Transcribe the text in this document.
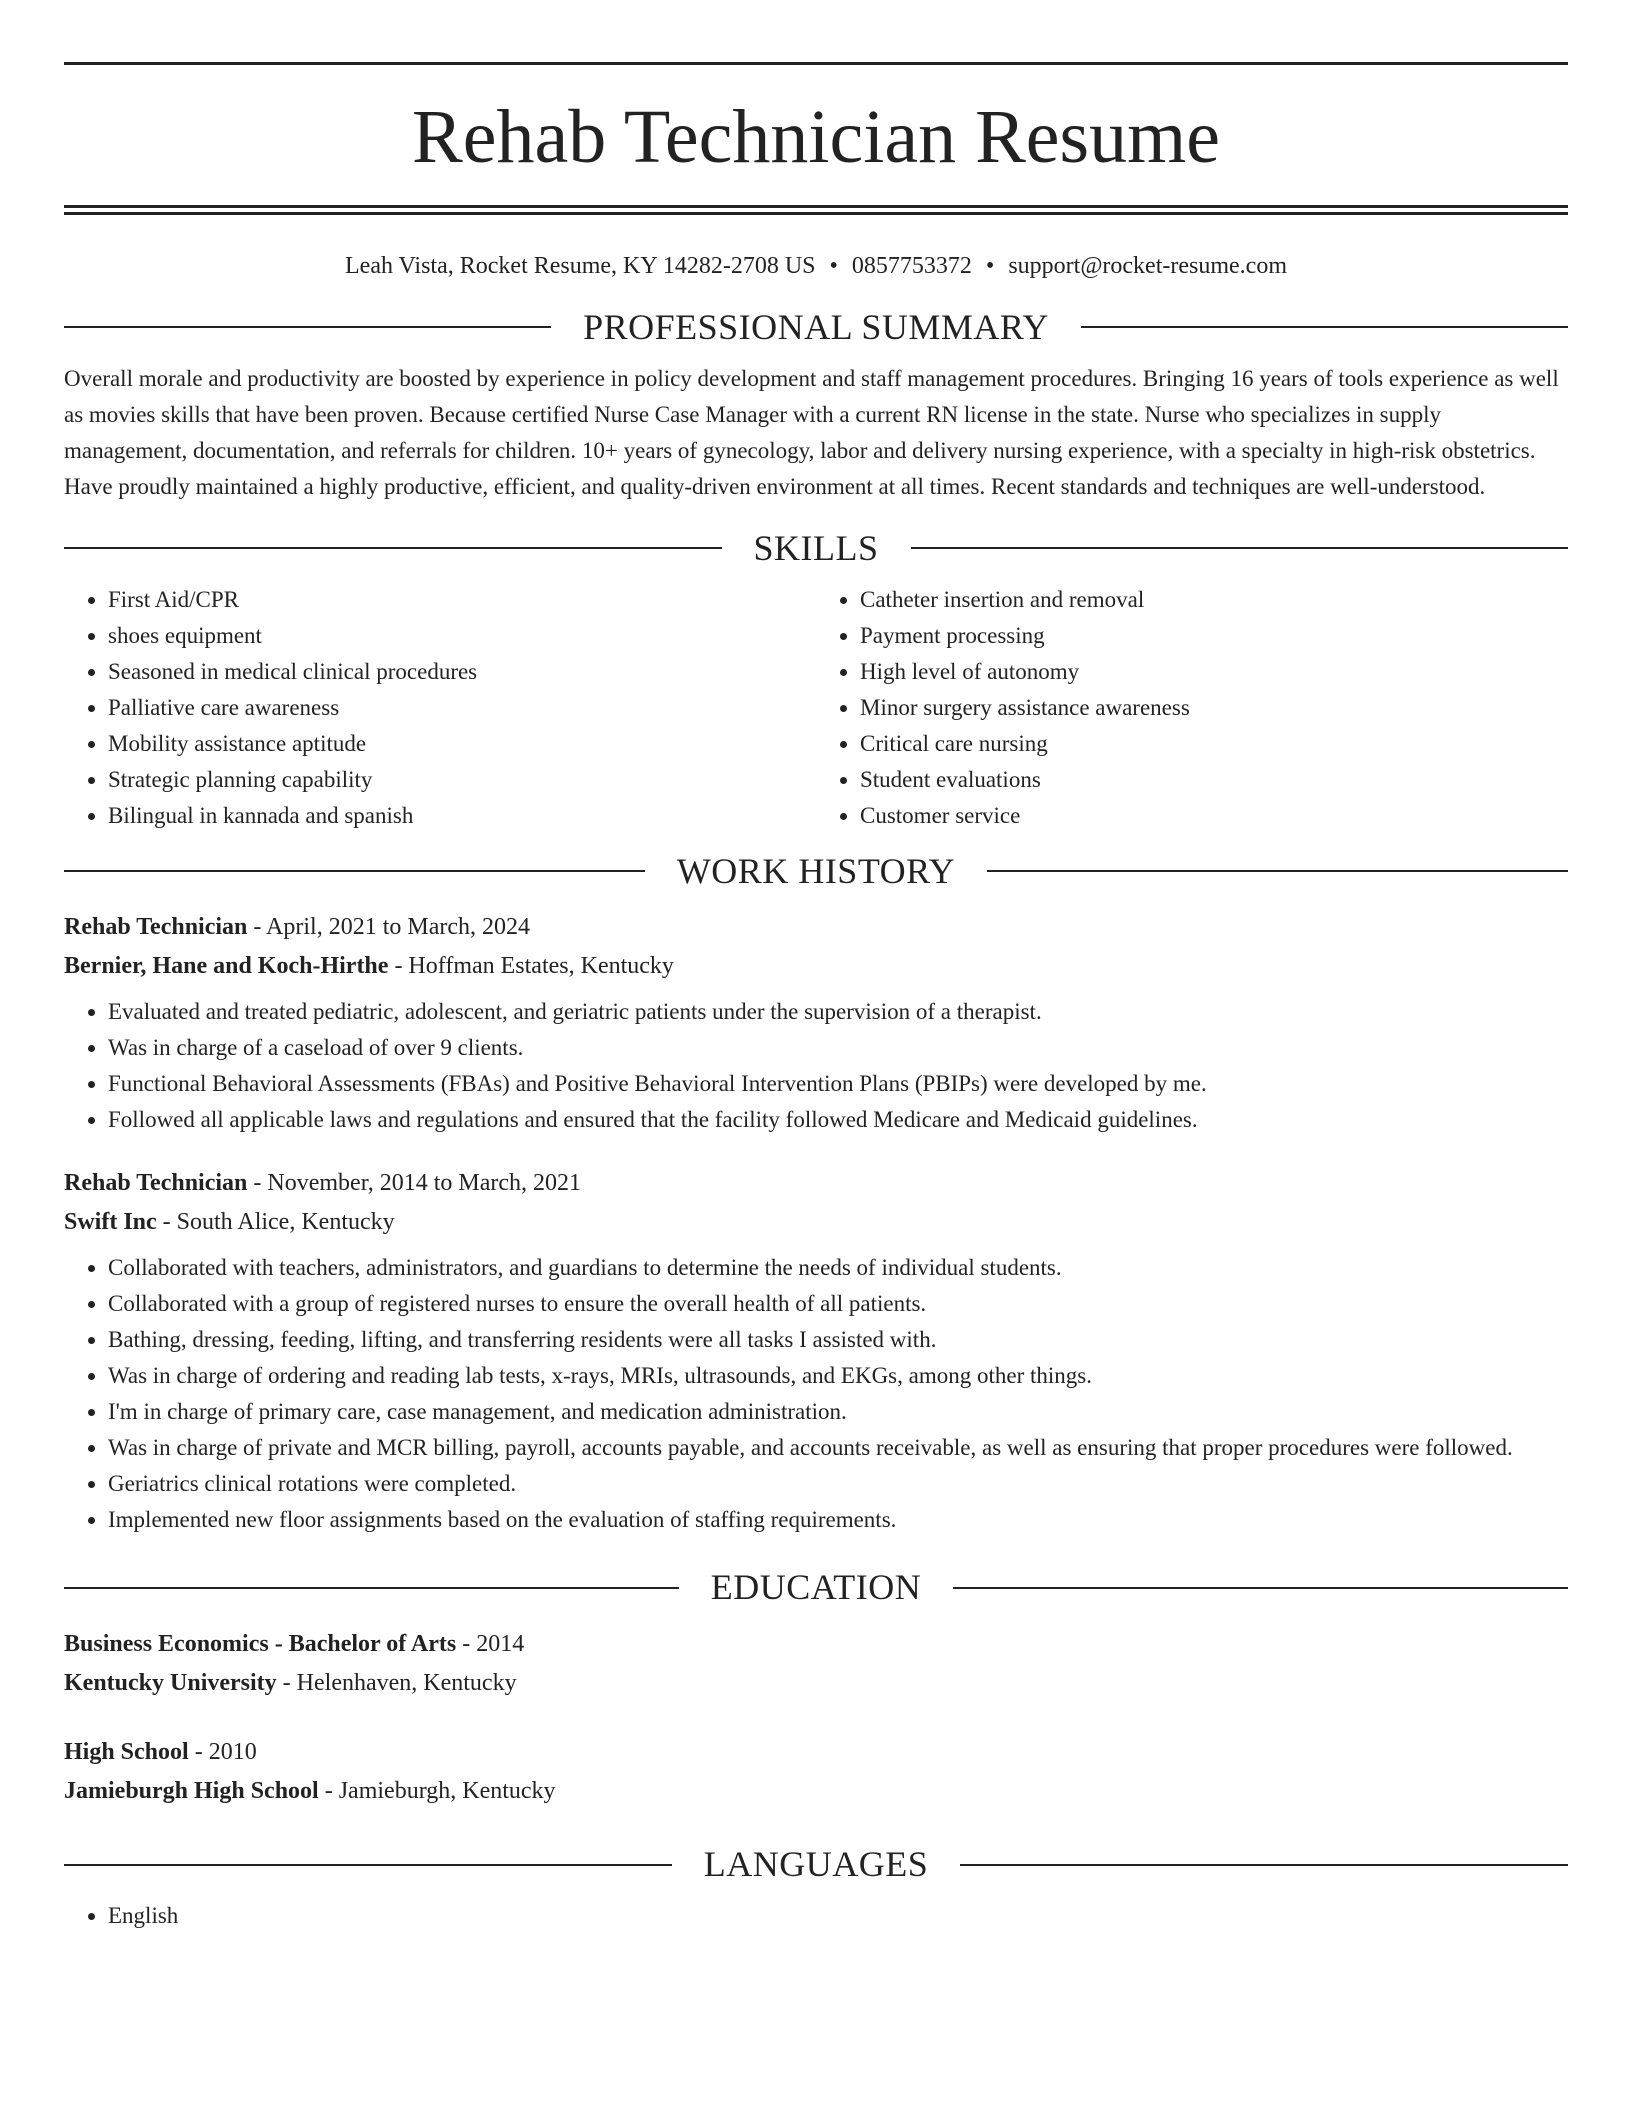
Rehab Technician Resume
Leah Vista, Rocket Resume, KY 14282-2708 US • 0857753372 • support@rocket-resume.com
PROFESSIONAL SUMMARY

Overall morale and productivity are boosted by experience in policy development and staff management procedures. Bringing 16 years of tools experience as well as movies skills that have been proven. Because certified Nurse Case Manager with a current RN license in the state. Nurse who specializes in supply management, documentation, and referrals for children. 10+ years of gynecology, labor and delivery nursing experience, with a specialty in high-risk obstetrics. Have proudly maintained a highly productive, efficient, and quality-driven environment at all times. Recent standards and techniques are well-understood.

SKILLS
• First Aid/CPR
• shoes equipment
• Seasoned in medical clinical procedures
• Palliative care awareness
• Mobility assistance aptitude
• Strategic planning capability
• Bilingual in kannada and spanish
• Catheter insertion and removal
• Payment processing
• High level of autonomy
• Minor surgery assistance awareness
• Critical care nursing
• Student evaluations
• Customer service
WORK HISTORY
Rehab Technician - April, 2021 to March, 2024
Bernier, Hane and Koch-Hirthe - Hoffman Estates, Kentucky
• Evaluated and treated pediatric, adolescent, and geriatric patients under the supervision of a therapist.
• Was in charge of a caseload of over 9 clients.
• Functional Behavioral Assessments (FBAs) and Positive Behavioral Intervention Plans (PBIPs) were developed by me.
• Followed all applicable laws and regulations and ensured that the facility followed Medicare and Medicaid guidelines.
Rehab Technician - November, 2014 to March, 2021
Swift Inc - South Alice, Kentucky
• Collaborated with teachers, administrators, and guardians to determine the needs of individual students.
• Collaborated with a group of registered nurses to ensure the overall health of all patients.
• Bathing, dressing, feeding, lifting, and transferring residents were all tasks I assisted with.
• Was in charge of ordering and reading lab tests, x-rays, MRIs, ultrasounds, and EKGs, among other things.
• I'm in charge of primary care, case management, and medication administration.
• Was in charge of private and MCR billing, payroll, accounts payable, and accounts receivable, as well as ensuring that proper procedures were followed.
• Geriatrics clinical rotations were completed.
• Implemented new floor assignments based on the evaluation of staffing requirements.
EDUCATION
Business Economics - Bachelor of Arts - 2014
Kentucky University - Helenhaven, Kentucky
High School - 2010
Jamieburgh High School - Jamieburgh, Kentucky
LANGUAGES
• English
